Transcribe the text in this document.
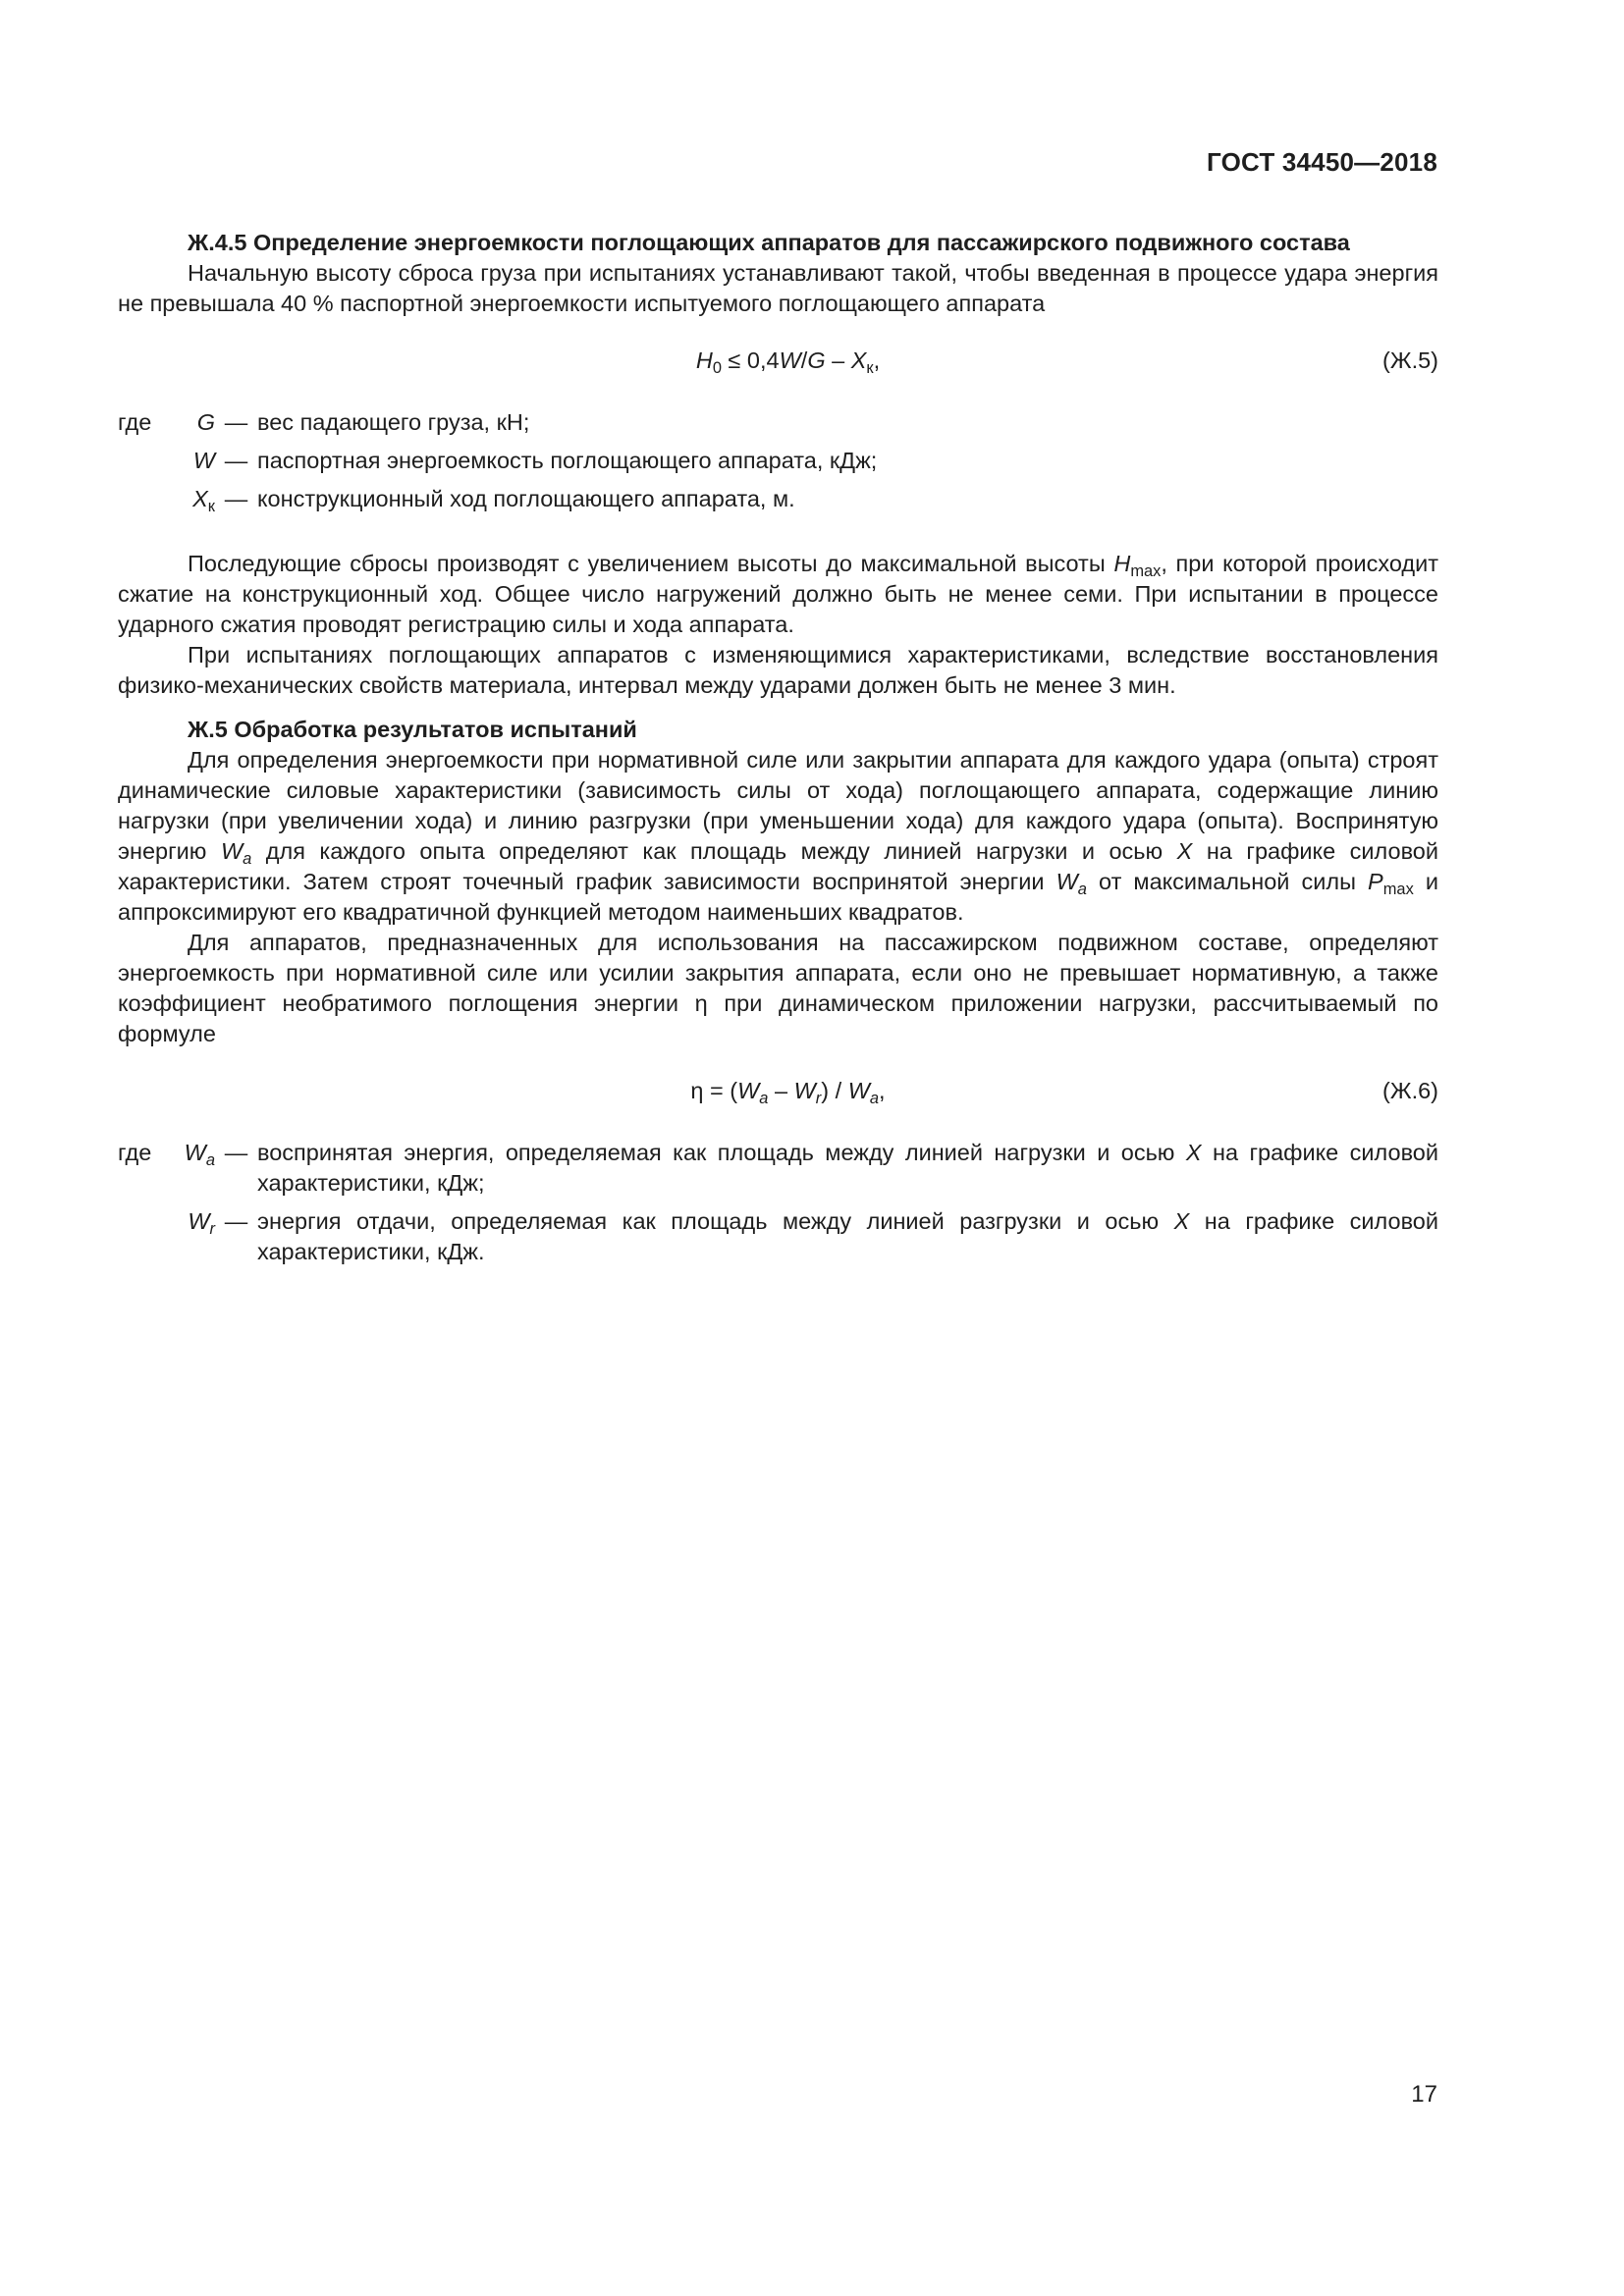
ГОСТ 34450—2018
Ж.4.5 Определение энергоемкости поглощающих аппаратов для пассажирского подвижного состава

Начальную высоту сброса груза при испытаниях устанавливают такой, чтобы введенная в процессе удара энергия не превышала 40 % паспортной энергоемкости испытуемого поглощающего аппарата

$H_0 \le 0,4W/G - X_к$,	(Ж.5)
где	G — вес падающего груза, кН;
W — паспортная энергоемкость поглощающего аппарата, кДж;
$X_к$ — конструкционный ход поглощающего аппарата, м.

Последующие сбросы производят с увеличением высоты до максимальной высоты $H_{max}$, при которой происходит сжатие на конструкционный ход. Общее число нагружений должно быть не менее семи. При испытании в процессе ударного сжатия проводят регистрацию силы и хода аппарата.

При испытаниях поглощающих аппаратов с изменяющимися характеристиками, вследствие восстановления физико-механических свойств материала, интервал между ударами должен быть не менее 3 мин.

Ж.5 Обработка результатов испытаний

Для определения энергоемкости при нормативной силе или закрытии аппарата для каждого удара (опыта) строят динамические силовые характеристики (зависимость силы от хода) поглощающего аппарата, содержащие линию нагрузки (при увеличении хода) и линию разгрузки (при уменьшении хода) для каждого удара (опыта). Воспринятую энергию $W_a$ для каждого опыта определяют как площадь между линией нагрузки и осью X на графике силовой характеристики. Затем строят точечный график зависимости воспринятой энергии $W_a$ от максимальной силы $P_{max}$ и аппроксимируют его квадратичной функцией методом наименьших квадратов.

Для аппаратов, предназначенных для использования на пассажирском подвижном составе, определяют энергоемкость при нормативной силе или усилии закрытия аппарата, если оно не превышает нормативную, а также коэффициент необратимого поглощения энергии η при динамическом приложении нагрузки, рассчитываемый по формуле

$\eta = (W_a - W_r) / W_a$,	(Ж.6)
где	$W_a$ — воспринятая энергия, определяемая как площадь между линией нагрузки и осью X на графике силовой характеристики, кДж;
$W_r$ — энергия отдачи, определяемая как площадь между линией разгрузки и осью X на графике силовой характеристики, кДж.
17
